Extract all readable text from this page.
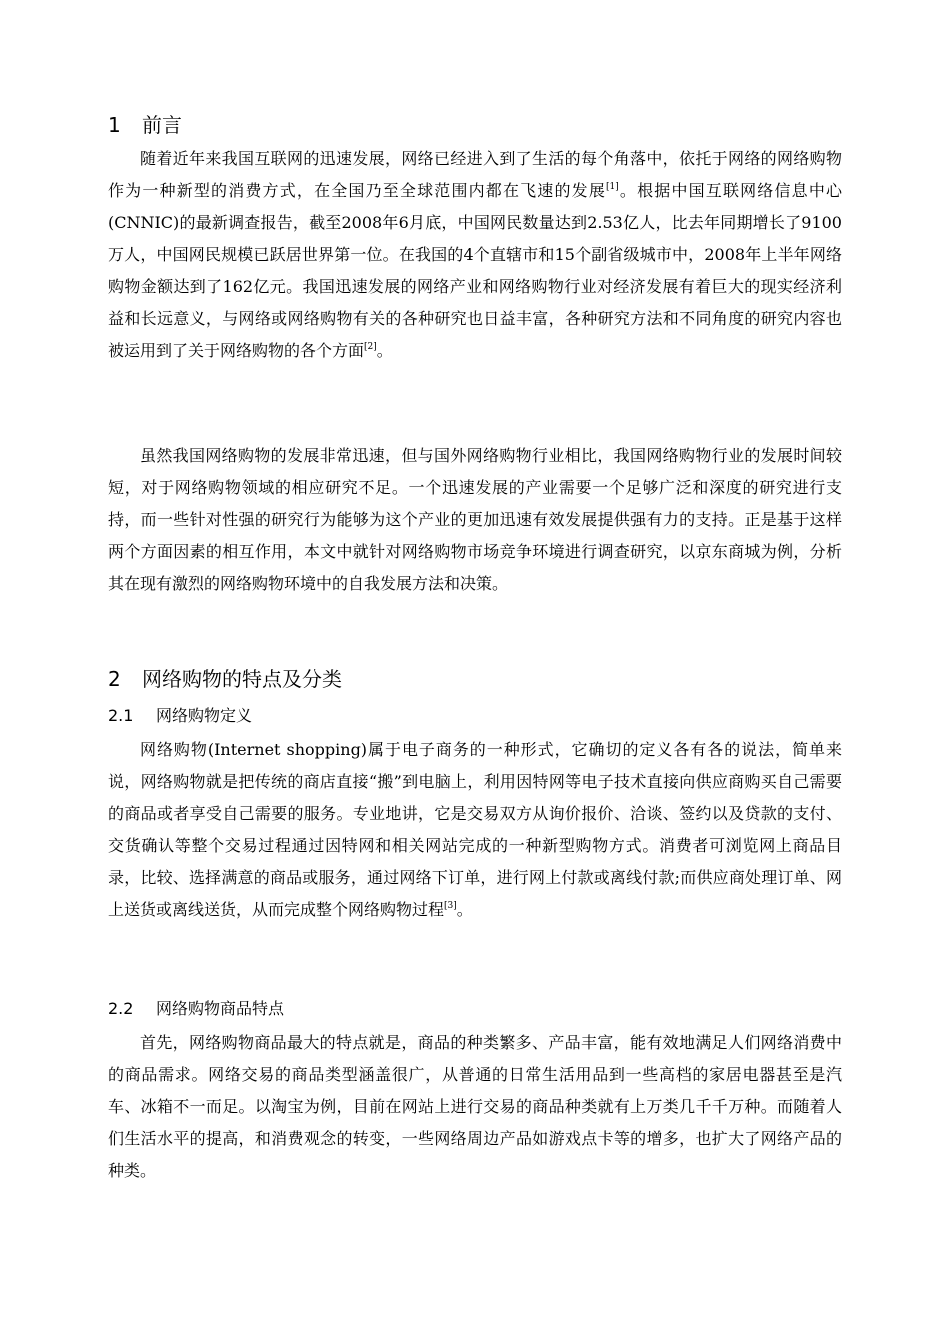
1 前言

随着近年来我国互联网的迅速发展，网络已经进入到了生活的每个角落中，依托于网络的网络购物作为一种新型的消费方式，在全国乃至全球范围内都在飞速的发展[1]。根据中国互联网络信息中心(CNNIC)的最新调查报告，截至2008年6月底，中国网民数量达到2.53亿人，比去年同期增长了9100万人，中国网民规模已跃居世界第一位。在我国的4个直辖市和15个副省级城市中，2008年上半年网络购物金额达到了162亿元。我国迅速发展的网络产业和网络购物行业对经济发展有着巨大的现实经济利益和长远意义，与网络或网络购物有关的各种研究也日益丰富，各种研究方法和不同角度的研究内容也被运用到了关于网络购物的各个方面[2]。

虽然我国网络购物的发展非常迅速，但与国外网络购物行业相比，我国网络购物行业的发展时间较短，对于网络购物领域的相应研究不足。一个迅速发展的产业需要一个足够广泛和深度的研究进行支持，而一些针对性强的研究行为能够为这个产业的更加迅速有效发展提供强有力的支持。正是基于这样两个方面因素的相互作用，本文中就针对网络购物市场竞争环境进行调查研究，以京东商城为例，分析其在现有激烈的网络购物环境中的自我发展方法和决策。

2 网络购物的特点及分类
2.1 网络购物定义

网络购物(Internet shopping)属于电子商务的一种形式，它确切的定义各有各的说法，简单来说，网络购物就是把传统的商店直接“搬”到电脑上，利用因特网等电子技术直接向供应商购买自己需要的商品或者享受自己需要的服务。专业地讲，它是交易双方从询价报价、洽谈、签约以及贷款的支付、交货确认等整个交易过程通过因特网和相关网站完成的一种新型购物方式。消费者可浏览网上商品目录，比较、选择满意的商品或服务，通过网络下订单，进行网上付款或离线付款;而供应商处理订单、网上送货或离线送货，从而完成整个网络购物过程[3]。

2.2 网络购物商品特点

首先，网络购物商品最大的特点就是，商品的种类繁多、产品丰富，能有效地满足人们网络消费中的商品需求。网络交易的商品类型涵盖很广，从普通的日常生活用品到一些高档的家居电器甚至是汽车、冰箱不一而足。以淘宝为例，目前在网站上进行交易的商品种类就有上万类几千千万种。而随着人们生活水平的提高，和消费观念的转变，一些网络周边产品如游戏点卡等的增多，也扩大了网络产品的种类。
